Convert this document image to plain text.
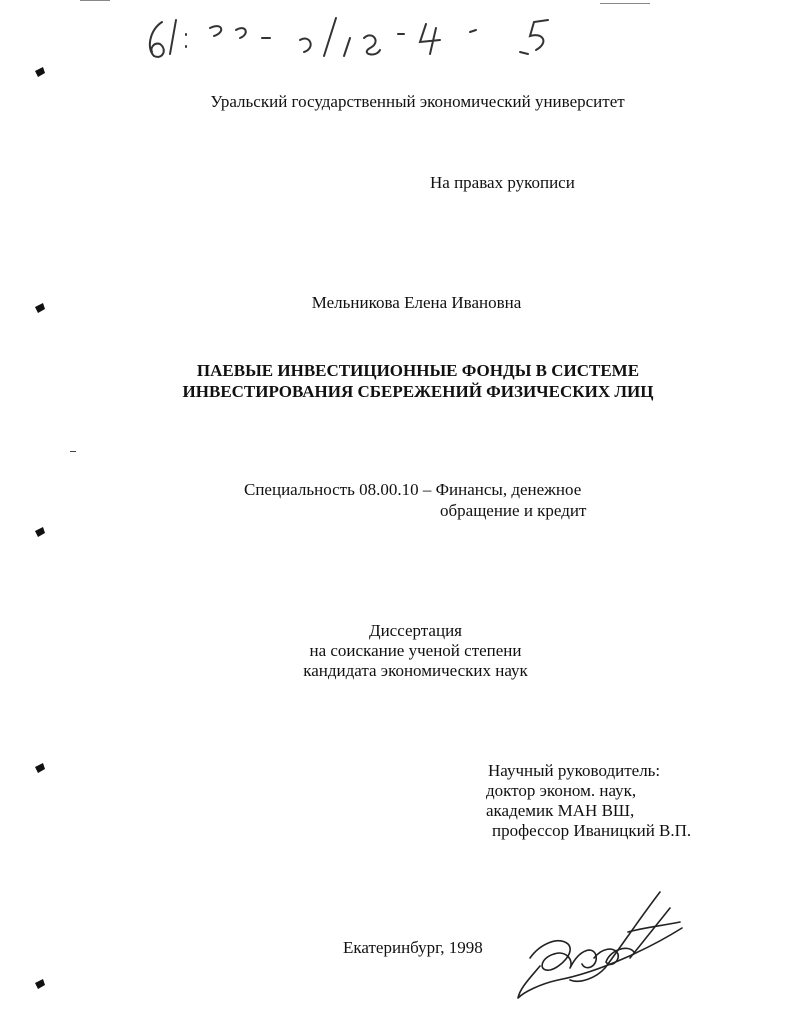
Уральский государственный экономический университет
На правах рукописи
Мельникова Елена Ивановна
ПАЕВЫЕ ИНВЕСТИЦИОННЫЕ ФОНДЫ В СИСТЕМЕ
ИНВЕСТИРОВАНИЯ СБЕРЕЖЕНИЙ ФИЗИЧЕСКИХ ЛИЦ
Специальность 08.00.10 – Финансы, денежное
обращение и кредит
Диссертация
на соискание ученой степени
кандидата экономических наук
Научный руководитель:
доктор эконом. наук,
академик МАН ВШ,
профессор Иваницкий В.П.
Екатеринбург, 1998
